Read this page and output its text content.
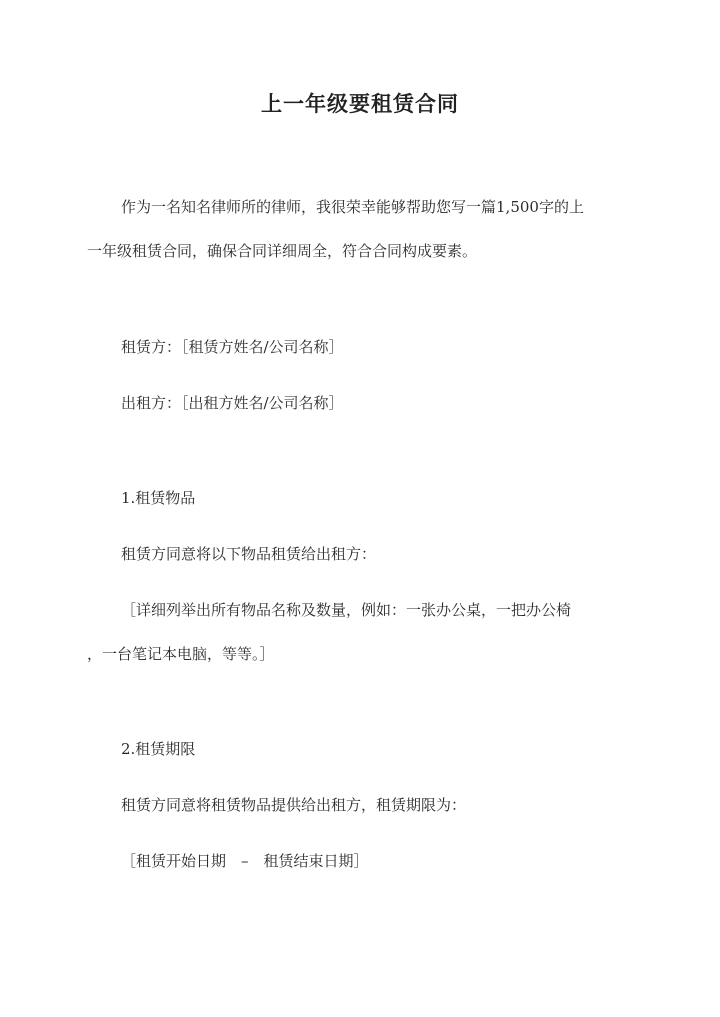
上一年级要租赁合同
作为一名知名律师所的律师，我很荣幸能够帮助您写一篇1,500字的上
一年级租赁合同，确保合同详细周全，符合合同构成要素。
租赁方：［租赁方姓名/公司名称］
出租方：［出租方姓名/公司名称］
1.租赁物品
租赁方同意将以下物品租赁给出租方：
［详细列举出所有物品名称及数量，例如：一张办公桌，一把办公椅
，一台笔记本电脑，等等。］
2.租赁期限
租赁方同意将租赁物品提供给出租方，租赁期限为：
［租赁开始日期　–　租赁结束日期］
